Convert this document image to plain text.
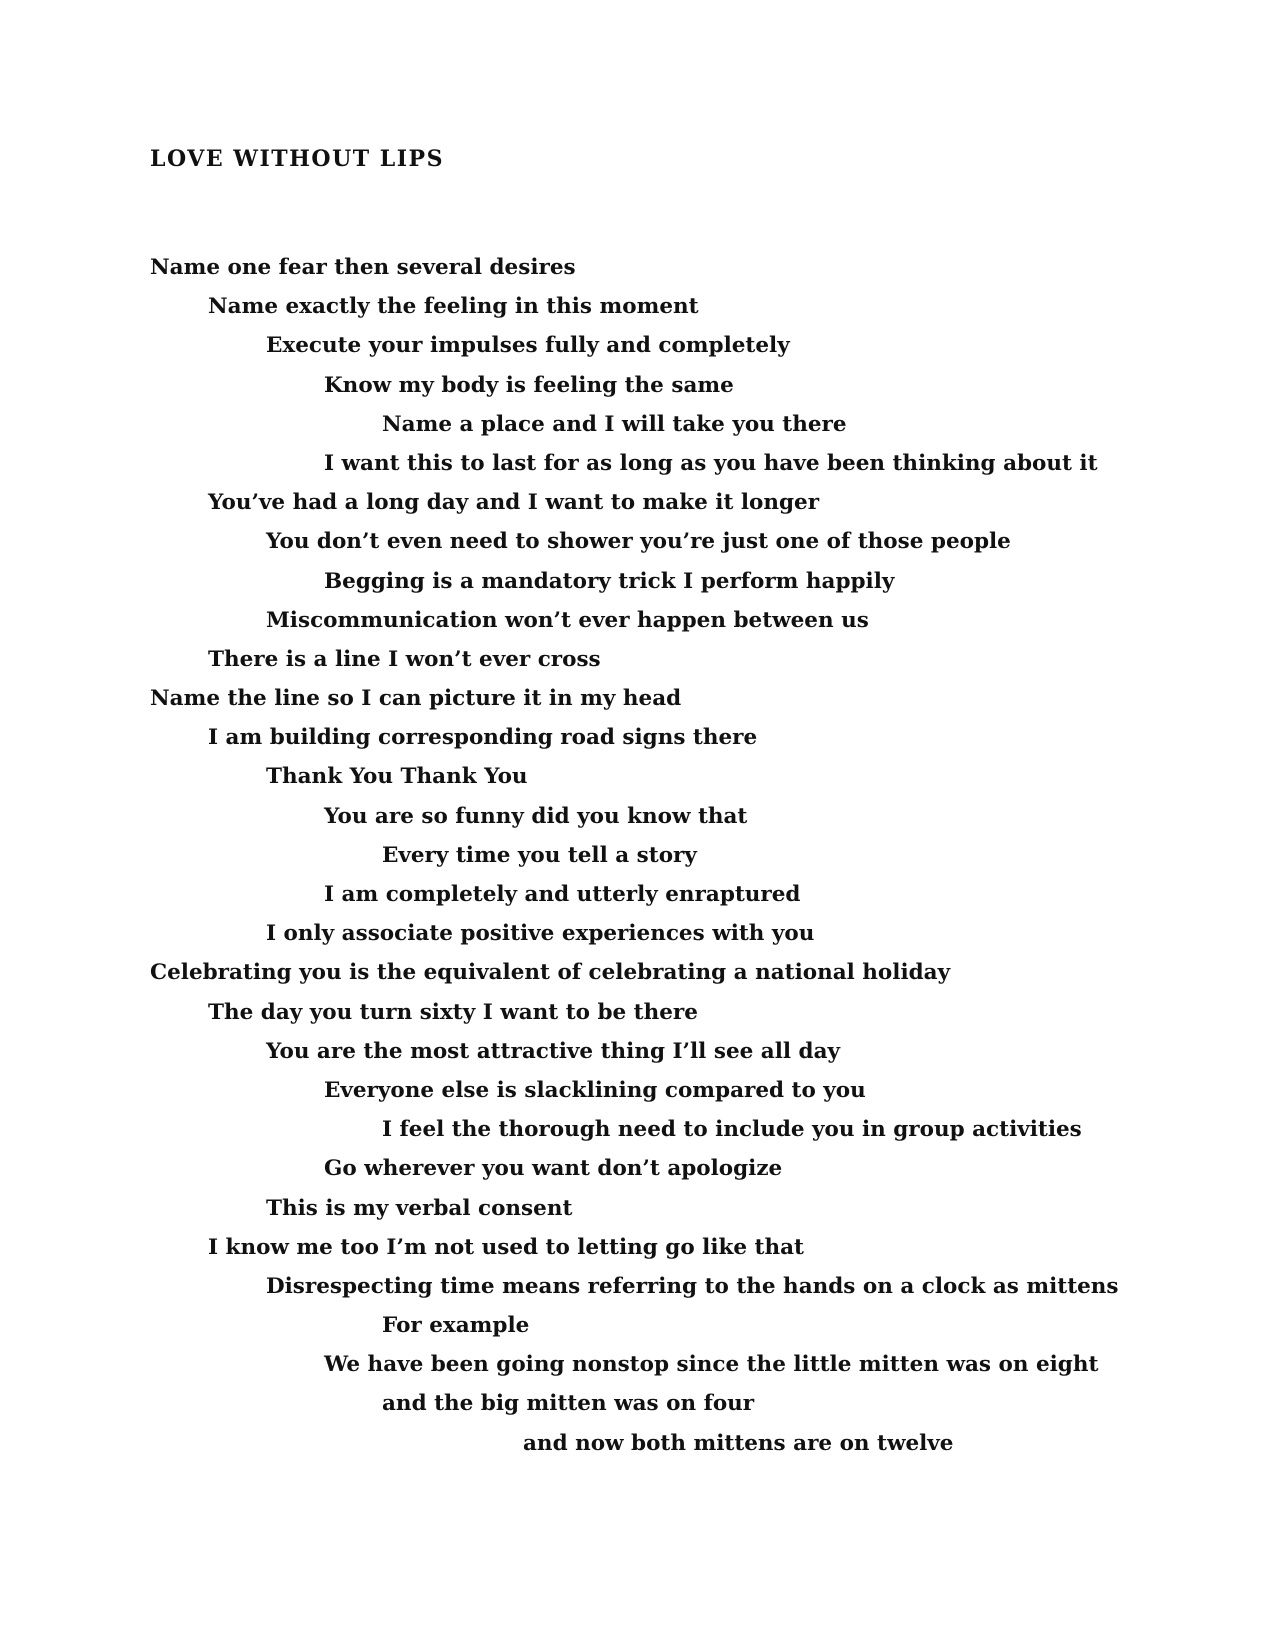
LOVE WITHOUT LIPS
Name one fear then several desires
Name exactly the feeling in this moment
Execute your impulses fully and completely
Know my body is feeling the same
Name a place and I will take you there
I want this to last for as long as you have been thinking about it
You’ve had a long day and I want to make it longer
You don’t even need to shower you’re just one of those people
Begging is a mandatory trick I perform happily
Miscommunication won’t ever happen between us
There is a line I won’t ever cross
Name the line so I can picture it in my head
I am building corresponding road signs there
Thank You Thank You
You are so funny did you know that
Every time you tell a story
I am completely and utterly enraptured
I only associate positive experiences with you
Celebrating you is the equivalent of celebrating a national holiday
The day you turn sixty I want to be there
You are the most attractive thing I’ll see all day
Everyone else is slacklining compared to you
I feel the thorough need to include you in group activities
Go wherever you want don’t apologize
This is my verbal consent
I know me too I’m not used to letting go like that
Disrespecting time means referring to the hands on a clock as mittens
For example
We have been going nonstop since the little mitten was on eight
and the big mitten was on four
and now both mittens are on twelve
